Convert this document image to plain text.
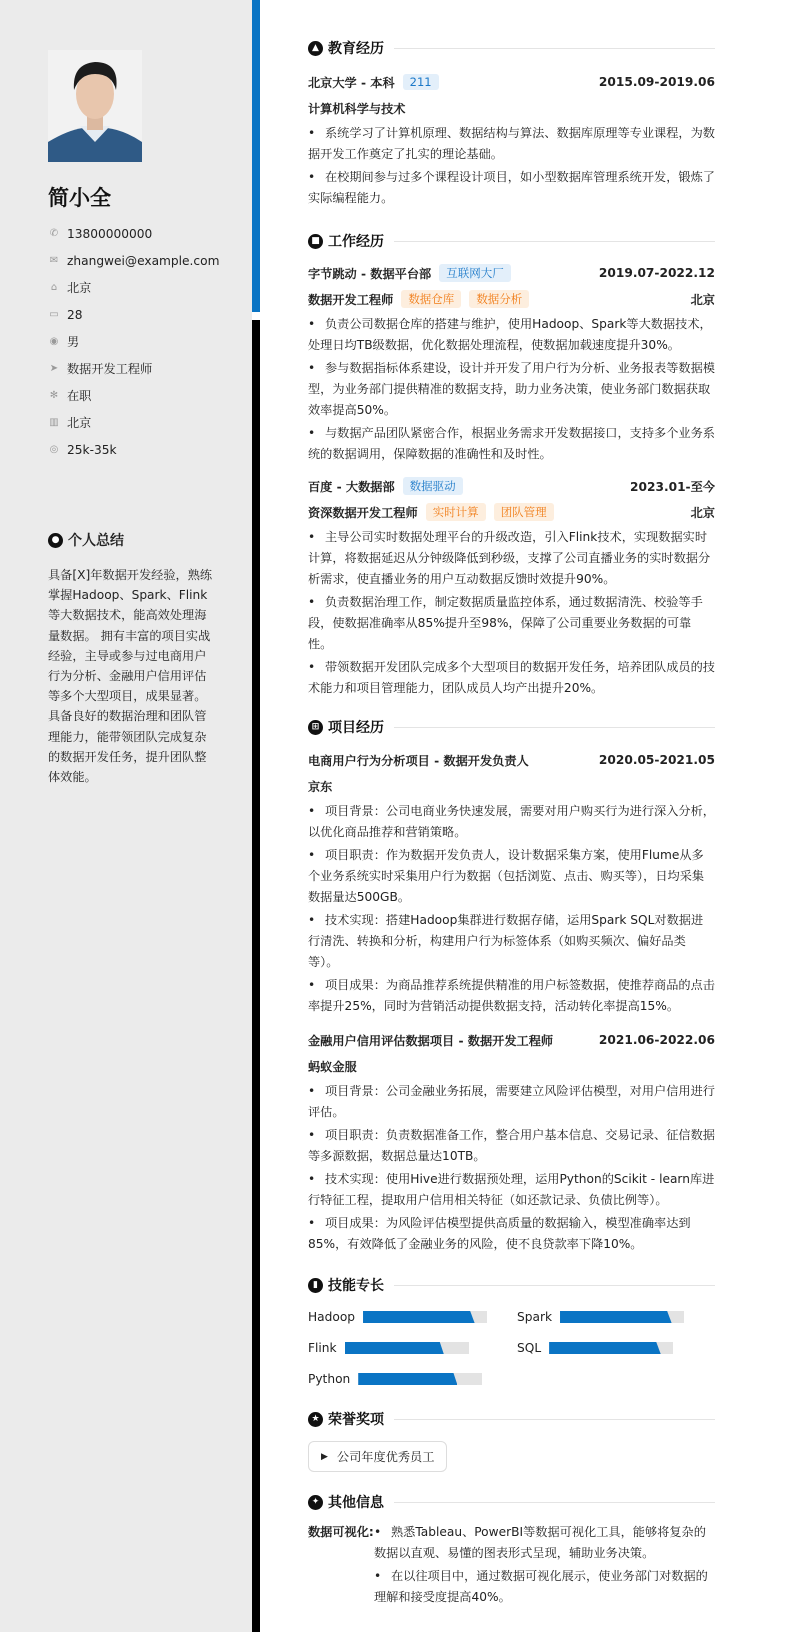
简小全
✆ 13800000000
✉ zhangwei@example.com
⌂ 北京
▭ 28
◉ 男
➤ 数据开发工程师
✻ 在职
▥ 北京
◎ 25k-35k
● 个人总结
具备[X]年数据开发经验，熟练掌握Hadoop、Spark、Flink等大数据技术，能高效处理海量数据。 拥有丰富的项目实战经验，主导或参与过电商用户行为分析、金融用户信用评估等多个大型项目，成果显著。具备良好的数据治理和团队管理能力，能带领团队完成复杂的数据开发任务，提升团队整体效能。
▲ 教育经历
北京大学 - 本科	211	2015.09-2019.06
计算机科学与技术
• 系统学习了计算机原理、数据结构与算法、数据库原理等专业课程，为数据开发工作奠定了扎实的理论基础。
• 在校期间参与过多个课程设计项目，如小型数据库管理系统开发，锻炼了实际编程能力。
■ 工作经历
字节跳动 - 数据平台部	互联网大厂	2019.07-2022.12
数据开发工程师	数据仓库	数据分析	北京
• 负责公司数据仓库的搭建与维护，使用Hadoop、Spark等大数据技术，处理日均TB级数据，优化数据处理流程，使数据加载速度提升30%。
• 参与数据指标体系建设，设计并开发了用户行为分析、业务报表等数据模型，为业务部门提供精准的数据支持，助力业务决策，使业务部门数据获取效率提高50%。
• 与数据产品团队紧密合作，根据业务需求开发数据接口，支持多个业务系统的数据调用，保障数据的准确性和及时性。
百度 - 大数据部	数据驱动	2023.01-至今
资深数据开发工程师	实时计算	团队管理	北京
• 主导公司实时数据处理平台的升级改造，引入Flink技术，实现数据实时计算，将数据延迟从分钟级降低到秒级，支撑了公司直播业务的实时数据分析需求，使直播业务的用户互动数据反馈时效提升90%。
• 负责数据治理工作，制定数据质量监控体系，通过数据清洗、校验等手段，使数据准确率从85%提升至98%，保障了公司重要业务数据的可靠性。
• 带领数据开发团队完成多个大型项目的数据开发任务，培养团队成员的技术能力和项目管理能力，团队成员人均产出提升20%。
⊞ 项目经历
电商用户行为分析项目 - 数据开发负责人	2020.05-2021.05
京东
• 项目背景：公司电商业务快速发展，需要对用户购买行为进行深入分析，以优化商品推荐和营销策略。
• 项目职责：作为数据开发负责人，设计数据采集方案，使用Flume从多个业务系统实时采集用户行为数据（包括浏览、点击、购买等），日均采集数据量达500GB。
• 技术实现：搭建Hadoop集群进行数据存储，运用Spark SQL对数据进行清洗、转换和分析，构建用户行为标签体系（如购买频次、偏好品类等）。
• 项目成果：为商品推荐系统提供精准的用户标签数据，使推荐商品的点击率提升25%，同时为营销活动提供数据支持，活动转化率提高15%。
金融用户信用评估数据项目 - 数据开发工程师	2021.06-2022.06
蚂蚁金服
• 项目背景：公司金融业务拓展，需要建立风险评估模型，对用户信用进行评估。
• 项目职责：负责数据准备工作，整合用户基本信息、交易记录、征信数据等多源数据，数据总量达10TB。
• 技术实现：使用Hive进行数据预处理，运用Python的Scikit - learn库进行特征工程，提取用户信用相关特征（如还款记录、负债比例等）。
• 项目成果：为风险评估模型提供高质量的数据输入，模型准确率达到85%，有效降低了金融业务的风险，使不良贷款率下降10%。
▮ 技能专长
Hadoop	Spark
Flink	SQL
Python
★ 荣誉奖项
▶ 公司年度优秀员工
✦ 其他信息
数据可视化:	• 熟悉Tableau、PowerBI等数据可视化工具，能够将复杂的数据以直观、易懂的图表形式呈现，辅助业务决策。
• 在以往项目中，通过数据可视化展示，使业务部门对数据的理解和接受度提高40%。
